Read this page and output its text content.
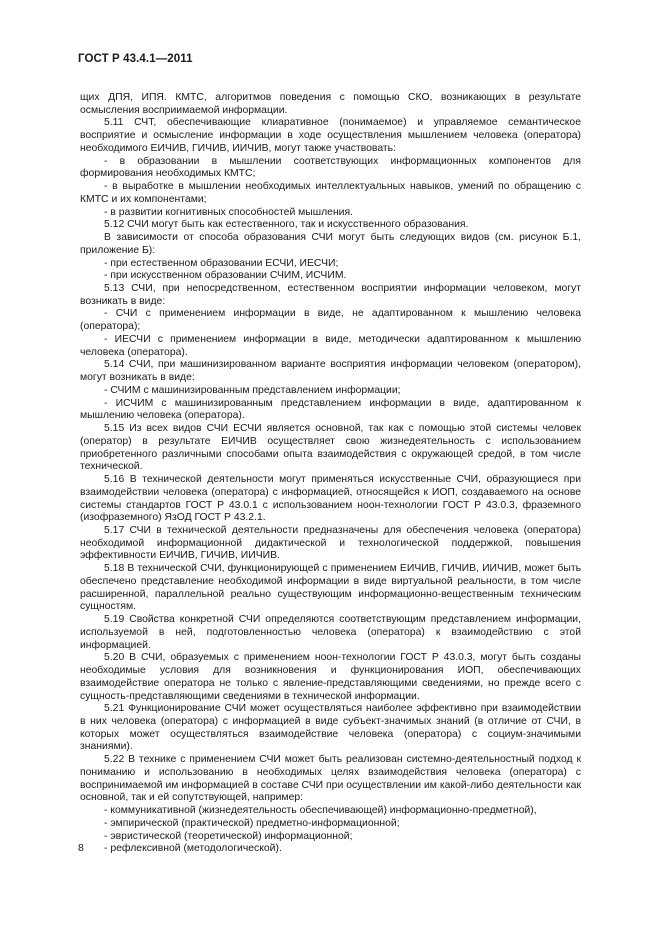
ГОСТ Р 43.4.1—2011

щих ДПЯ, ИПЯ. КМТС, алгоритмов поведения с помощью СКО, возникающих в результате осмысления восприимаемой информации.

5.11 СЧТ, обеспечивающие клиаративное (понимаемое) и управляемое семантическое восприятие и осмысление информации в ходе осуществления мышлением человека (оператора) необходимого ЕИЧИВ, ГИЧИВ, ИИЧИВ, могут также участвовать:

- в образовании в мышлении соответствующих информационных компонентов для формирования необходимых КМТС;

- в выработке в мышлении необходимых интеллектуальных навыков, умений по обращению с КМТС и их компонентами;

- в развитии когнитивных способностей мышления.

5.12 СЧИ могут быть как естественного, так и искусственного образования.

В зависимости от способа образования СЧИ могут быть следующих видов (см. рисунок Б.1, приложение Б):

- при естественном образовании ЕСЧИ, ИЕСЧИ;

- при искусственном образовании СЧИМ, ИСЧИМ.

5.13 СЧИ, при непосредственном, естественном восприятии информации человеком, могут возникать в виде:

- СЧИ с применением информации в виде, не адаптированном к мышлению человека (оператора);

- ИЕСЧИ с применением информации в виде, методически адаптированном к мышлению человека (оператора).

5.14 СЧИ, при машинизированном варианте восприятия информации человеком (оператором), могут возникать в виде:

- СЧИМ с машинизированным представлением информации;

- ИСЧИМ с машинизированным представлением информации в виде, адаптированном к мышлению человека (оператора).

5.15 Из всех видов СЧИ ЕСЧИ является основной, так как с помощью этой системы человек (оператор) в результате ЕИЧИВ осуществляет свою жизнедеятельность с использованием приобретенного различными способами опыта взаимодействия с окружающей средой, в том числе технической.

5.16 В технической деятельности могут применяться искусственные СЧИ, образующиеся при взаимодействии человека (оператора) с информацией, относящейся к ИОП, создаваемого на основе системы стандартов ГОСТ Р 43.0.1 с использованием ноон-технологии ГОСТ Р 43.0.3, фраземного (изофраземного) ЯзОД ГОСТ Р 43.2.1.

5.17 СЧИ в технической деятельности предназначены для обеспечения человека (оператора) необходимой информационной дидактической и технологической поддержкой, повышения эффективности ЕИЧИВ, ГИЧИВ, ИИЧИВ.

5.18 В технической СЧИ, функционирующей с применением ЕИЧИВ, ГИЧИВ, ИИЧИВ, может быть обеспечено представление необходимой информации в виде виртуальной реальности, в том числе расширенной, параллельной реально существующим информационно-вещественным техническим сущностям.

5.19 Свойства конкретной СЧИ определяются соответствующим представлением информации, используемой в ней, подготовленностью человека (оператора) к взаимодействию с этой информацией.

5.20 В СЧИ, образуемых с применением ноон-технологии ГОСТ Р 43.0.3, могут быть созданы необходимые условия для возникновения и функционирования ИОП, обеспечивающих взаимодействие оператора не только с явление-представляющими сведениями, но прежде всего с сущность-представляющими сведениями в технической информации.

5.21 Функционирование СЧИ может осуществляться наиболее эффективно при взаимодействии в них человека (оператора) с информацией в виде субъект-значимых знаний (в отличие от СЧИ, в которых может осуществляться взаимодействие человека (оператора) с социум-значимыми знаниями).

5.22 В технике с применением СЧИ может быть реализован системно-деятельностный подход к пониманию и использованию в необходимых целях взаимодействия человека (оператора) с воспринимаемой им информацией в составе СЧИ при осуществлении им какой-либо деятельности как основной, так и ей сопутствующей, например:

- коммуникативной (жизнедеятельность обеспечивающей) информационно-предметной),

- эмпирической (практической) предметно-информационной;

- эвристической (теоретической) информационной;

- рефлексивной (методологической).

8
